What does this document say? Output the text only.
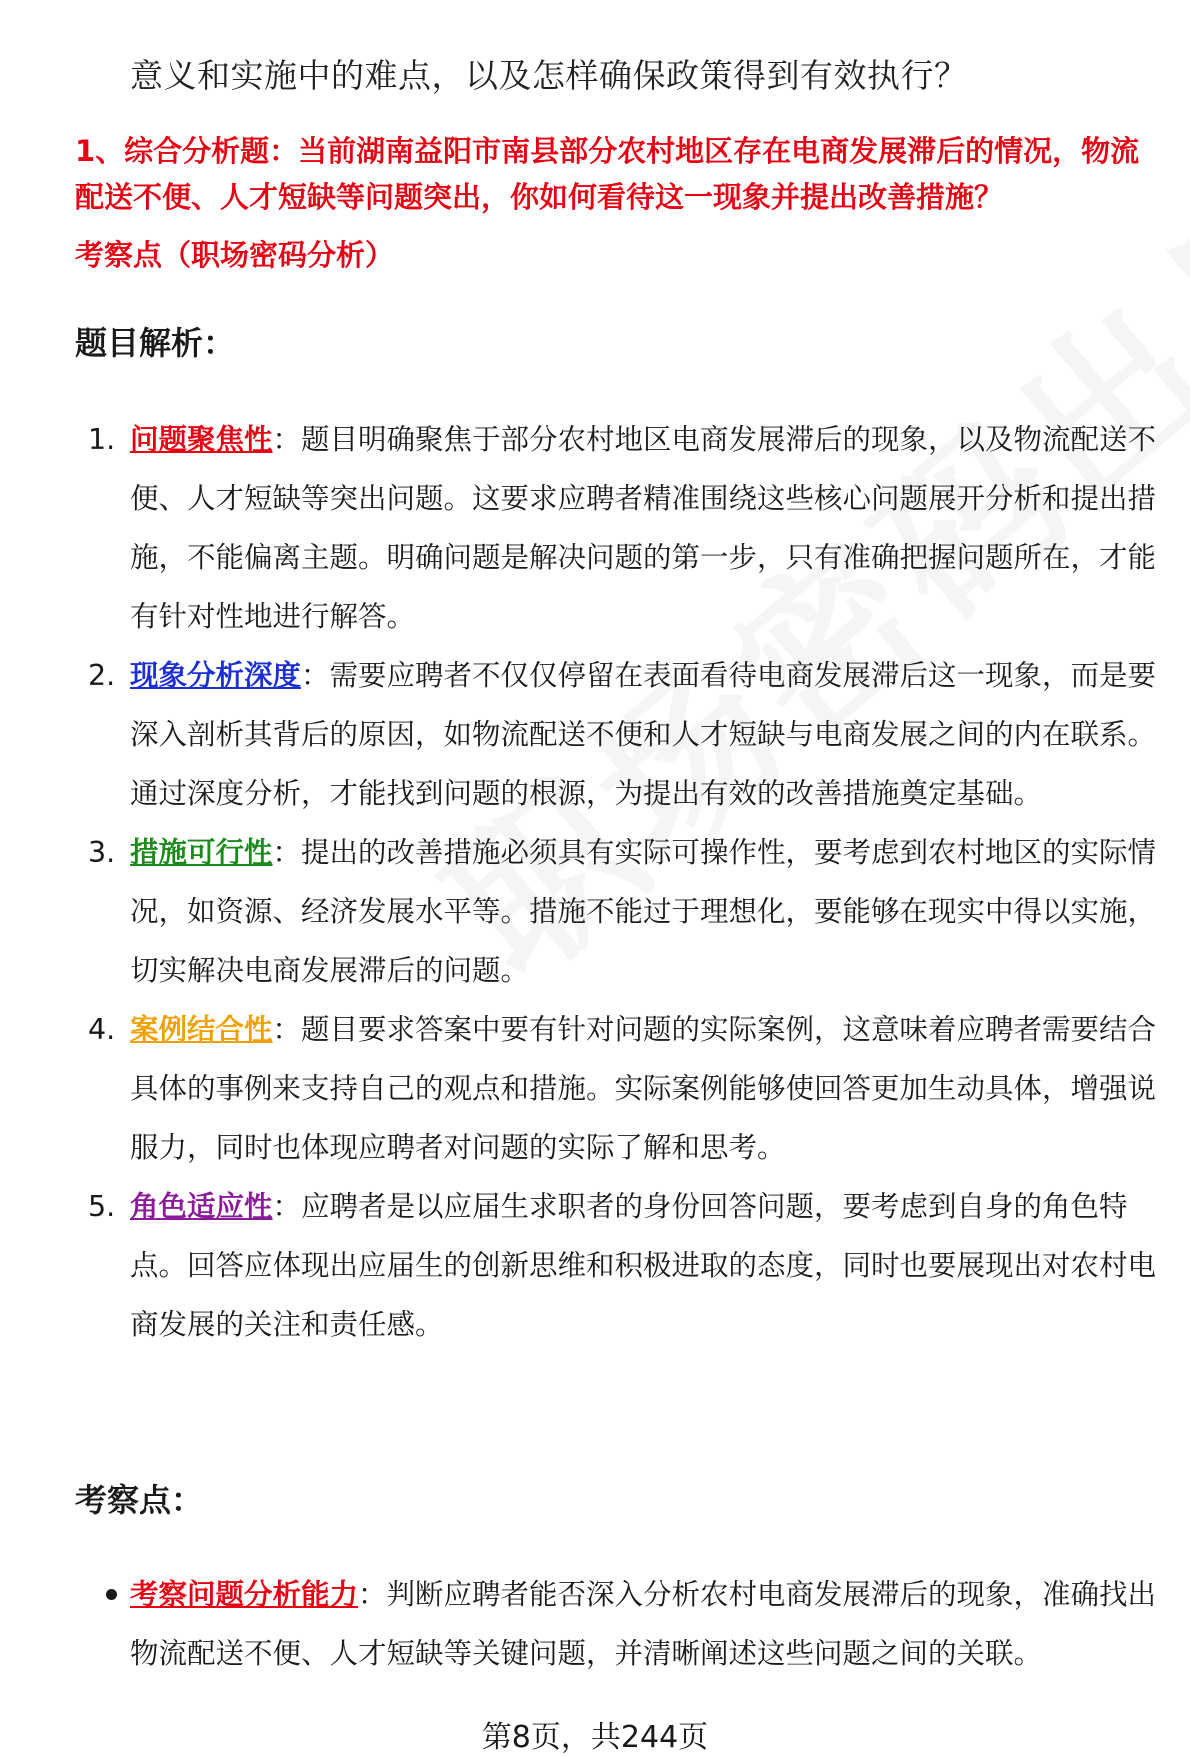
意义和实施中的难点，以及怎样确保政策得到有效执行？
1、综合分析题：当前湖南益阳市南县部分农村地区存在电商发展滞后的情况，物流配送不便、人才短缺等问题突出，你如何看待这一现象并提出改善措施？
考察点（职场密码分析）
题目解析：
1. 问题聚焦性：题目明确聚焦于部分农村地区电商发展滞后的现象，以及物流配送不便、人才短缺等突出问题。这要求应聘者精准围绕这些核心问题展开分析和提出措施，不能偏离主题。明确问题是解决问题的第一步，只有准确把握问题所在，才能有针对性地进行解答。
2. 现象分析深度：需要应聘者不仅仅停留在表面看待电商发展滞后这一现象，而是要深入剖析其背后的原因，如物流配送不便和人才短缺与电商发展之间的内在联系。通过深度分析，才能找到问题的根源，为提出有效的改善措施奠定基础。
3. 措施可行性：提出的改善措施必须具有实际可操作性，要考虑到农村地区的实际情况，如资源、经济发展水平等。措施不能过于理想化，要能够在现实中得以实施，切实解决电商发展滞后的问题。
4. 案例结合性：题目要求答案中要有针对问题的实际案例，这意味着应聘者需要结合具体的事例来支持自己的观点和措施。实际案例能够使回答更加生动具体，增强说服力，同时也体现应聘者对问题的实际了解和思考。
5. 角色适应性：应聘者是以应届生求职者的身份回答问题，要考虑到自身的角色特点。回答应体现出应届生的创新思维和积极进取的态度，同时也要展现出对农村电商发展的关注和责任感。
考察点：
考察问题分析能力：判断应聘者能否深入分析农村电商发展滞后的现象，准确找出物流配送不便、人才短缺等关键问题，并清晰阐述这些问题之间的关联。
第8页，共244页
